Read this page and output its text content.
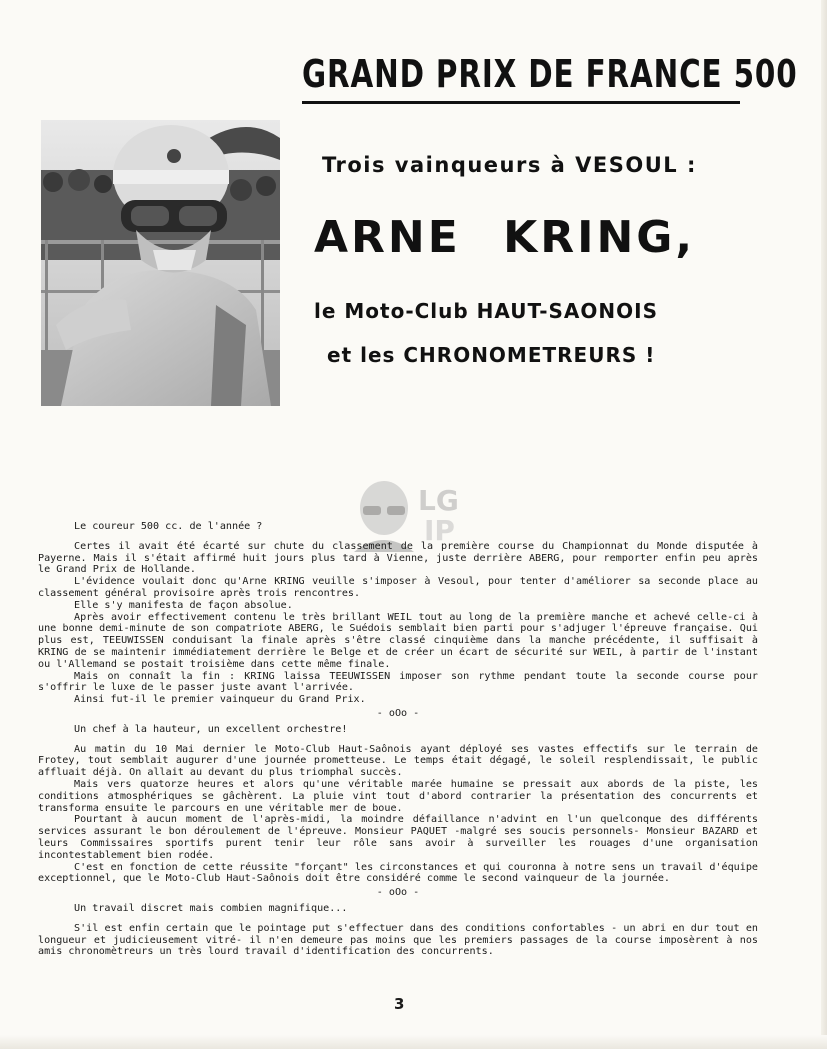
GRAND PRIX DE FRANCE 500
Trois vainqueurs à VESOUL :
ARNE KRING,
le Moto-Club HAUT-SAONOIS
et les CHRONOMETREURS !
LG
IP

Le coureur 500 cc. de l'année ?

Certes il avait été écarté sur chute du classement de la première course du Championnat du Monde disputée à Payerne. Mais il s'était affirmé huit jours plus tard à Vienne, juste derrière ABERG, pour remporter enfin peu après le Grand Prix de Hollande.

L'évidence voulait donc qu'Arne KRING veuille s'imposer à Vesoul, pour tenter d'améliorer sa seconde place au classement général provisoire après trois rencontres.

Elle s'y manifesta de façon absolue.

Après avoir effectivement contenu le très brillant WEIL tout au long de la première manche et achevé celle-ci à une bonne demi-minute de son compatriote ABERG, le Suédois semblait bien parti pour s'adjuger l'épreuve française. Qui plus est, TEEUWISSEN conduisant la finale après s'être classé cinquième dans la manche précédente, il suffisait à KRING de se maintenir immédiatement derrière le Belge et de créer un écart de sécurité sur WEIL, à partir de l'instant ou l'Allemand se postait troisième dans cette même finale.

Mais on connaît la fin : KRING laissa TEEUWISSEN imposer son rythme pendant toute la seconde course pour s'offrir le luxe de le passer juste avant l'arrivée.

Ainsi fut-il le premier vainqueur du Grand Prix.

- oOo -

Un chef à la hauteur, un excellent orchestre!

Au matin du 10 Mai dernier le Moto-Club Haut-Saônois ayant déployé ses vastes effectifs sur le terrain de Frotey, tout semblait augurer d'une journée prometteuse. Le temps était dégagé, le soleil resplendissait, le public affluait déjà. On allait au devant du plus triomphal succès.

Mais vers quatorze heures et alors qu'une véritable marée humaine se pressait aux abords de la piste, les conditions atmosphériques se gâchèrent. La pluie vint tout d'abord contrarier la présentation des concurrents et transforma ensuite le parcours en une véritable mer de boue.

Pourtant à aucun moment de l'après-midi, la moindre défaillance n'advint en l'un quelconque des différents services assurant le bon déroulement de l'épreuve. Monsieur PAQUET -malgré ses soucis personnels- Monsieur BAZARD et leurs Commissaires sportifs purent tenir leur rôle sans avoir à surveiller les rouages d'une organisation incontestablement bien rodée.

C'est en fonction de cette réussite "forçant" les circonstances et qui couronna à notre sens un travail d'équipe exceptionnel, que le Moto-Club Haut-Saônois doit être considéré comme le second vainqueur de la journée.

- oOo -

Un travail discret mais combien magnifique...

S'il est enfin certain que le pointage put s'effectuer dans des conditions confortables - un abri en dur tout en longueur et judicieusement vitré- il n'en demeure pas moins que les premiers passages de la course imposèrent à nos amis chronomètreurs un très lourd travail d'identification des concurrents.

3
